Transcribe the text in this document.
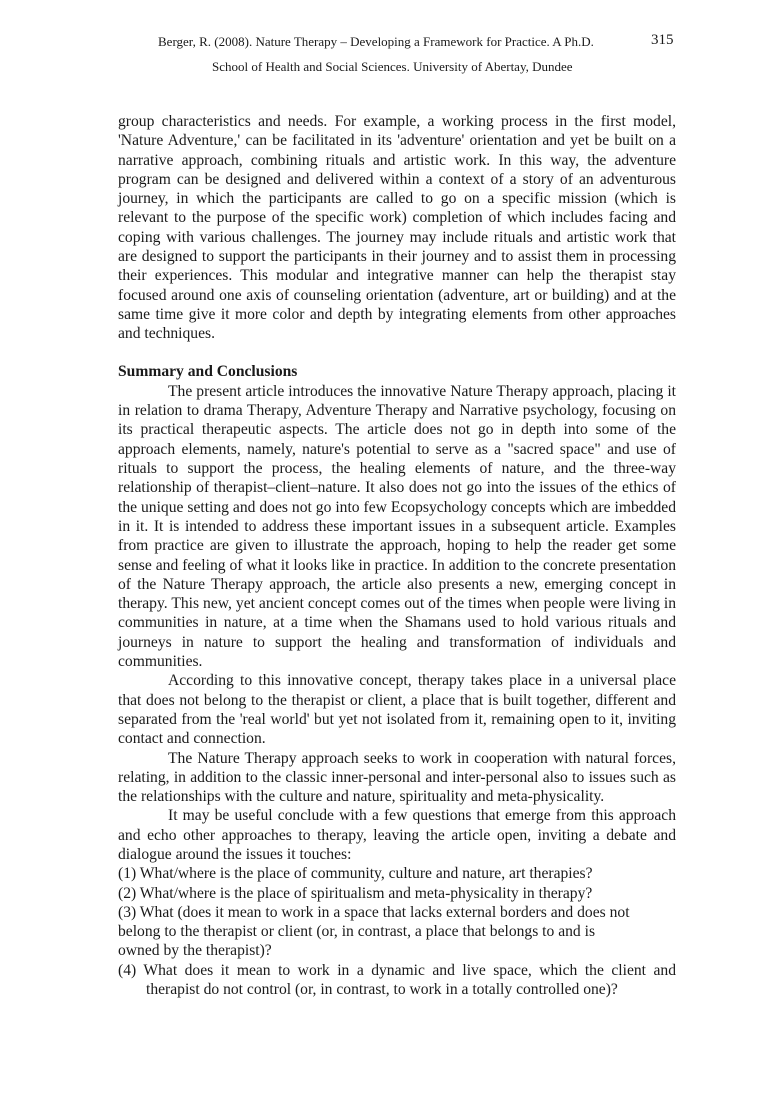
Berger, R. (2008). Nature Therapy – Developing a Framework for Practice. A Ph.D.	315
School of Health and Social Sciences. University of Abertay, Dundee

group characteristics and needs. For example, a working process in the first model, 'Nature Adventure,' can be facilitated in its 'adventure' orientation and yet be built on a narrative approach, combining rituals and artistic work. In this way, the adventure program can be designed and delivered within a context of a story of an adventurous journey, in which the participants are called to go on a specific mission (which is relevant to the purpose of the specific work) completion of which includes facing and coping with various challenges. The journey may include rituals and artistic work that are designed to support the participants in their journey and to assist them in processing their experiences. This modular and integrative manner can help the therapist stay focused around one axis of counseling orientation (adventure, art or building) and at the same time give it more color and depth by integrating elements from other approaches and techniques.

Summary and Conclusions

The present article introduces the innovative Nature Therapy approach, placing it in relation to drama Therapy, Adventure Therapy and Narrative psychology, focusing on its practical therapeutic aspects. The article does not go in depth into some of the approach elements, namely, nature's potential to serve as a "sacred space" and use of rituals to support the process, the healing elements of nature, and the three-way relationship of therapist–client–nature. It also does not go into the issues of the ethics of the unique setting and does not go into few Ecopsychology concepts which are imbedded in it. It is intended to address these important issues in a subsequent article. Examples from practice are given to illustrate the approach, hoping to help the reader get some sense and feeling of what it looks like in practice. In addition to the concrete presentation of the Nature Therapy approach, the article also presents a new, emerging concept in therapy. This new, yet ancient concept comes out of the times when people were living in communities in nature, at a time when the Shamans used to hold various rituals and journeys in nature to support the healing and transformation of individuals and communities.

According to this innovative concept, therapy takes place in a universal place that does not belong to the therapist or client, a place that is built together, different and separated from the 'real world' but yet not isolated from it, remaining open to it, inviting contact and connection.

The Nature Therapy approach seeks to work in cooperation with natural forces, relating, in addition to the classic inner-personal and inter-personal also to issues such as the relationships with the culture and nature, spirituality and meta-physicality.

It may be useful conclude with a few questions that emerge from this approach and echo other approaches to therapy, leaving the article open, inviting a debate and dialogue around the issues it touches:

(1) What/where is the place of community, culture and nature, art therapies?

(2) What/where is the place of spiritualism and meta-physicality in therapy?

(3) What (does it mean to work in a space that lacks external borders and does not

belong to the therapist or client (or, in contrast, a place that belongs to and is

owned by the therapist)?

(4) What does it mean to work in a dynamic and live space, which the client and therapist do not control (or, in contrast, to work in a totally controlled one)?
